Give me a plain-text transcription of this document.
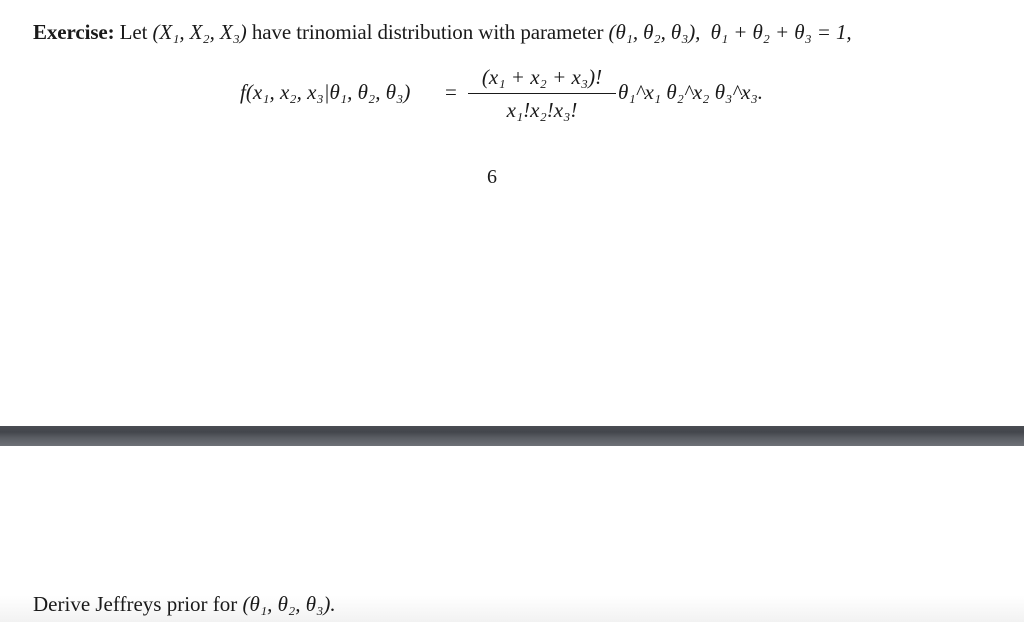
Exercise: Let (X₁, X₂, X₃) have trinomial distribution with parameter (θ₁, θ₂, θ₃), θ₁ + θ₂ + θ₃ = 1,
f(x₁, x₂, x₃|θ₁, θ₂, θ₃) =
(x₁ + x₂ + x₃)!
x₁!x₂!x₃!
θ₁^x₁ θ₂^x₂ θ₃^x₃.
6
Derive Jeffreys prior for (θ₁, θ₂, θ₃).
